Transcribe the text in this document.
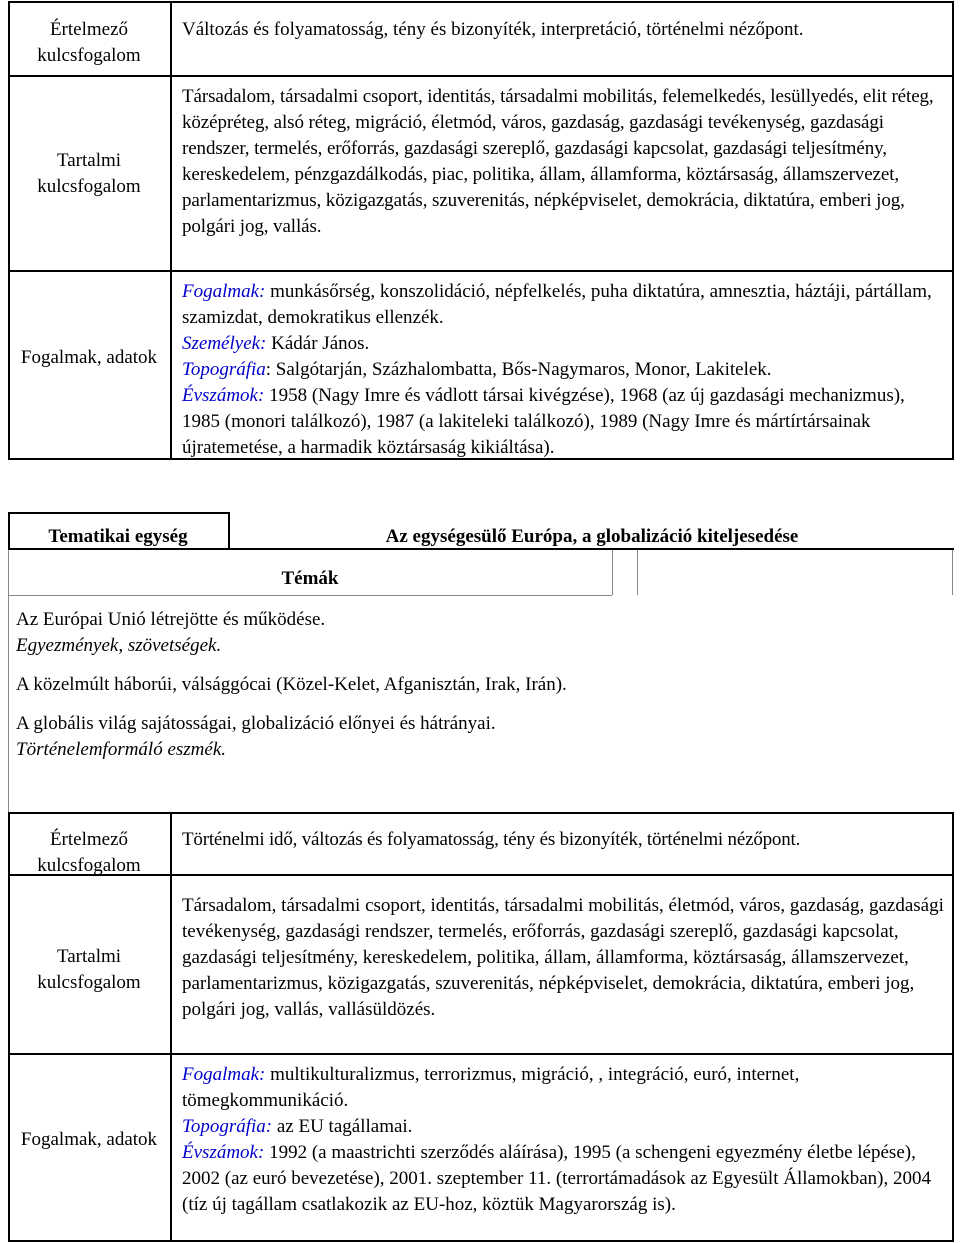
Értelmező kulcsfogalom
Változás és folyamatosság, tény és bizonyíték, interpretáció, történelmi nézőpont.
Tartalmi kulcsfogalom
Társadalom, társadalmi csoport, identitás, társadalmi mobilitás, felemelkedés, lesüllyedés, elit réteg, középréteg, alsó réteg, migráció, életmód, város, gazdaság, gazdasági tevékenység, gazdasági rendszer, termelés, erőforrás, gazdasági szereplő, gazdasági kapcsolat, gazdasági teljesítmény, kereskedelem, pénzgazdálkodás, piac, politika, állam, államforma, köztársaság, államszervezet, parlamentarizmus, közigazgatás, szuverenitás, népképviselet, demokrácia, diktatúra, emberi jog, polgári jog, vallás.
Fogalmak, adatok

Fogalmak: munkásőrség, konszolidáció, népfelkelés, puha diktatúra, amnesztia, háztáji, pártállam, szamizdat, demokratikus ellenzék.

Személyek: Kádár János.

Topográfia: Salgótarján, Százhalombatta, Bős-Nagymaros, Monor, Lakitelek.

Évszámok: 1958 (Nagy Imre és vádlott társai kivégzése), 1968 (az új gazdasági mechanizmus), 1985 (monori találkozó), 1987 (a lakiteleki találkozó), 1989 (Nagy Imre és mártírtársainak újratemetése, a harmadik köztársaság kikiáltása).

Tematikai egység	Az egységesülő Európa, a globalizáció kiteljesedése
Témák

Az Európai Unió létrejötte és működése.

Egyezmények, szövetségek.

A közelmúlt háborúi, válsággócai (Közel-Kelet, Afganisztán, Irak, Irán).

A globális világ sajátosságai, globalizáció előnyei és hátrányai.

Történelemformáló eszmék.

Értelmező kulcsfogalom
Történelmi idő, változás és folyamatosság, tény és bizonyíték, történelmi nézőpont.
Tartalmi kulcsfogalom
Társadalom, társadalmi csoport, identitás, társadalmi mobilitás, életmód, város, gazdaság, gazdasági tevékenység, gazdasági rendszer, termelés, erőforrás, gazdasági szereplő, gazdasági kapcsolat, gazdasági teljesítmény, kereskedelem, politika, állam, államforma, köztársaság, államszervezet, parlamentarizmus, közigazgatás, szuverenitás, népképviselet, demokrácia, diktatúra, emberi jog, polgári jog, vallás, vallásüldözés.
Fogalmak, adatok

Fogalmak: multikulturalizmus, terrorizmus, migráció, , integráció, euró, internet, tömegkommunikáció.

Topográfia: az EU tagállamai.

Évszámok: 1992 (a maastrichti szerződés aláírása), 1995 (a schengeni egyezmény életbe lépése), 2002 (az euró bevezetése), 2001. szeptember 11. (terrortámadások az Egyesült Államokban), 2004 (tíz új tagállam csatlakozik az EU-hoz, köztük Magyarország is).
